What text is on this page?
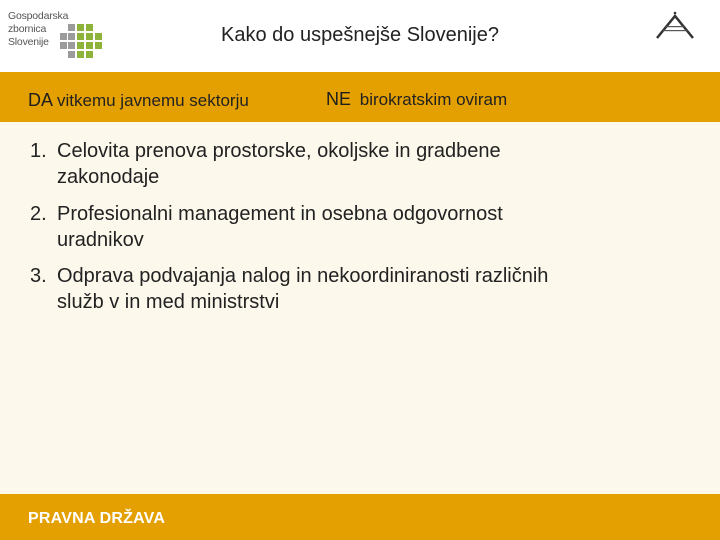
Gospodarska
zbornica
Slovenije	Kako do uspešnejše Slovenije?
DA vitkemu javnemu sektorju	NE birokratskim oviram
1. Celovita prenova prostorske, okoljske in gradbene
zakonodaje
2. Profesionalni management in osebna odgovornost
uradnikov
3. Odprava podvajanja nalog in nekoordiniranosti različnih
služb v in med ministrstvi
PRAVNA DRŽAVA
